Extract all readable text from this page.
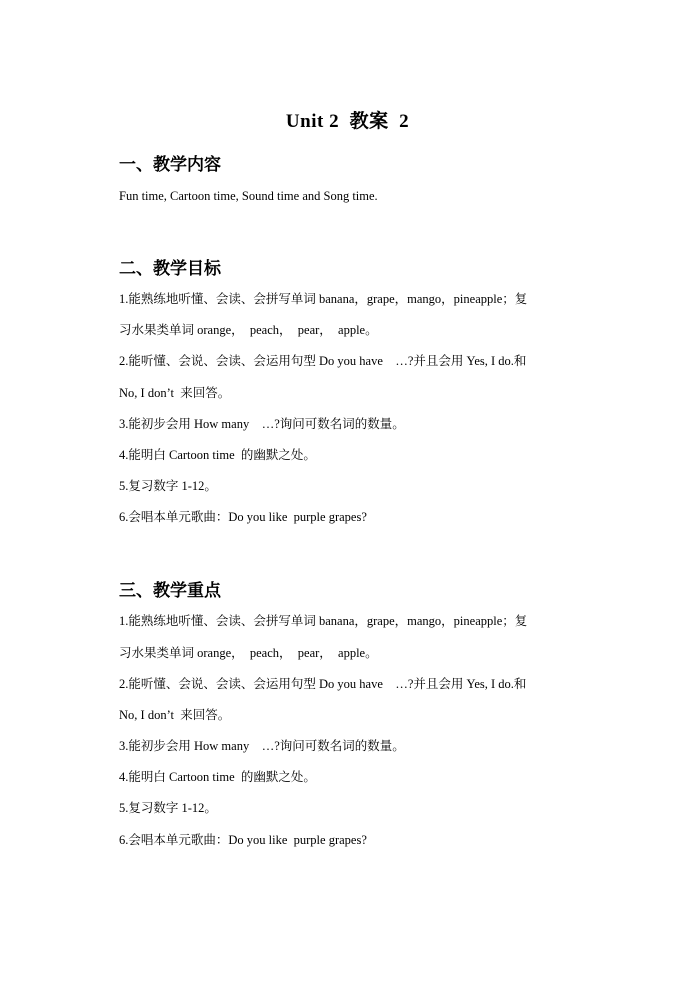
Unit 2  教案  2
一、教学内容
Fun time, Cartoon time, Sound time and Song time.
二、教学目标
1.能熟练地听懂、会读、会拼写单词 banana，grape，mango，pineapple；复
习水果类单词 orange，  peach，  pear，  apple。
2.能听懂、会说、会读、会运用句型 Do you have    …?并且会用 Yes, I do.和
No, I don’t  来回答。
3.能初步会用 How many    …?询问可数名词的数量。
4.能明白 Cartoon time  的幽默之处。
5.复习数字 1-12。
6.会唱本单元歌曲：Do you like  purple grapes?
三、教学重点
1.能熟练地听懂、会读、会拼写单词 banana，grape，mango，pineapple；复
习水果类单词 orange，  peach，  pear，  apple。
2.能听懂、会说、会读、会运用句型 Do you have    …?并且会用 Yes, I do.和
No, I don’t  来回答。
3.能初步会用 How many    …?询问可数名词的数量。
4.能明白 Cartoon time  的幽默之处。
5.复习数字 1-12。
6.会唱本单元歌曲：Do you like  purple grapes?
